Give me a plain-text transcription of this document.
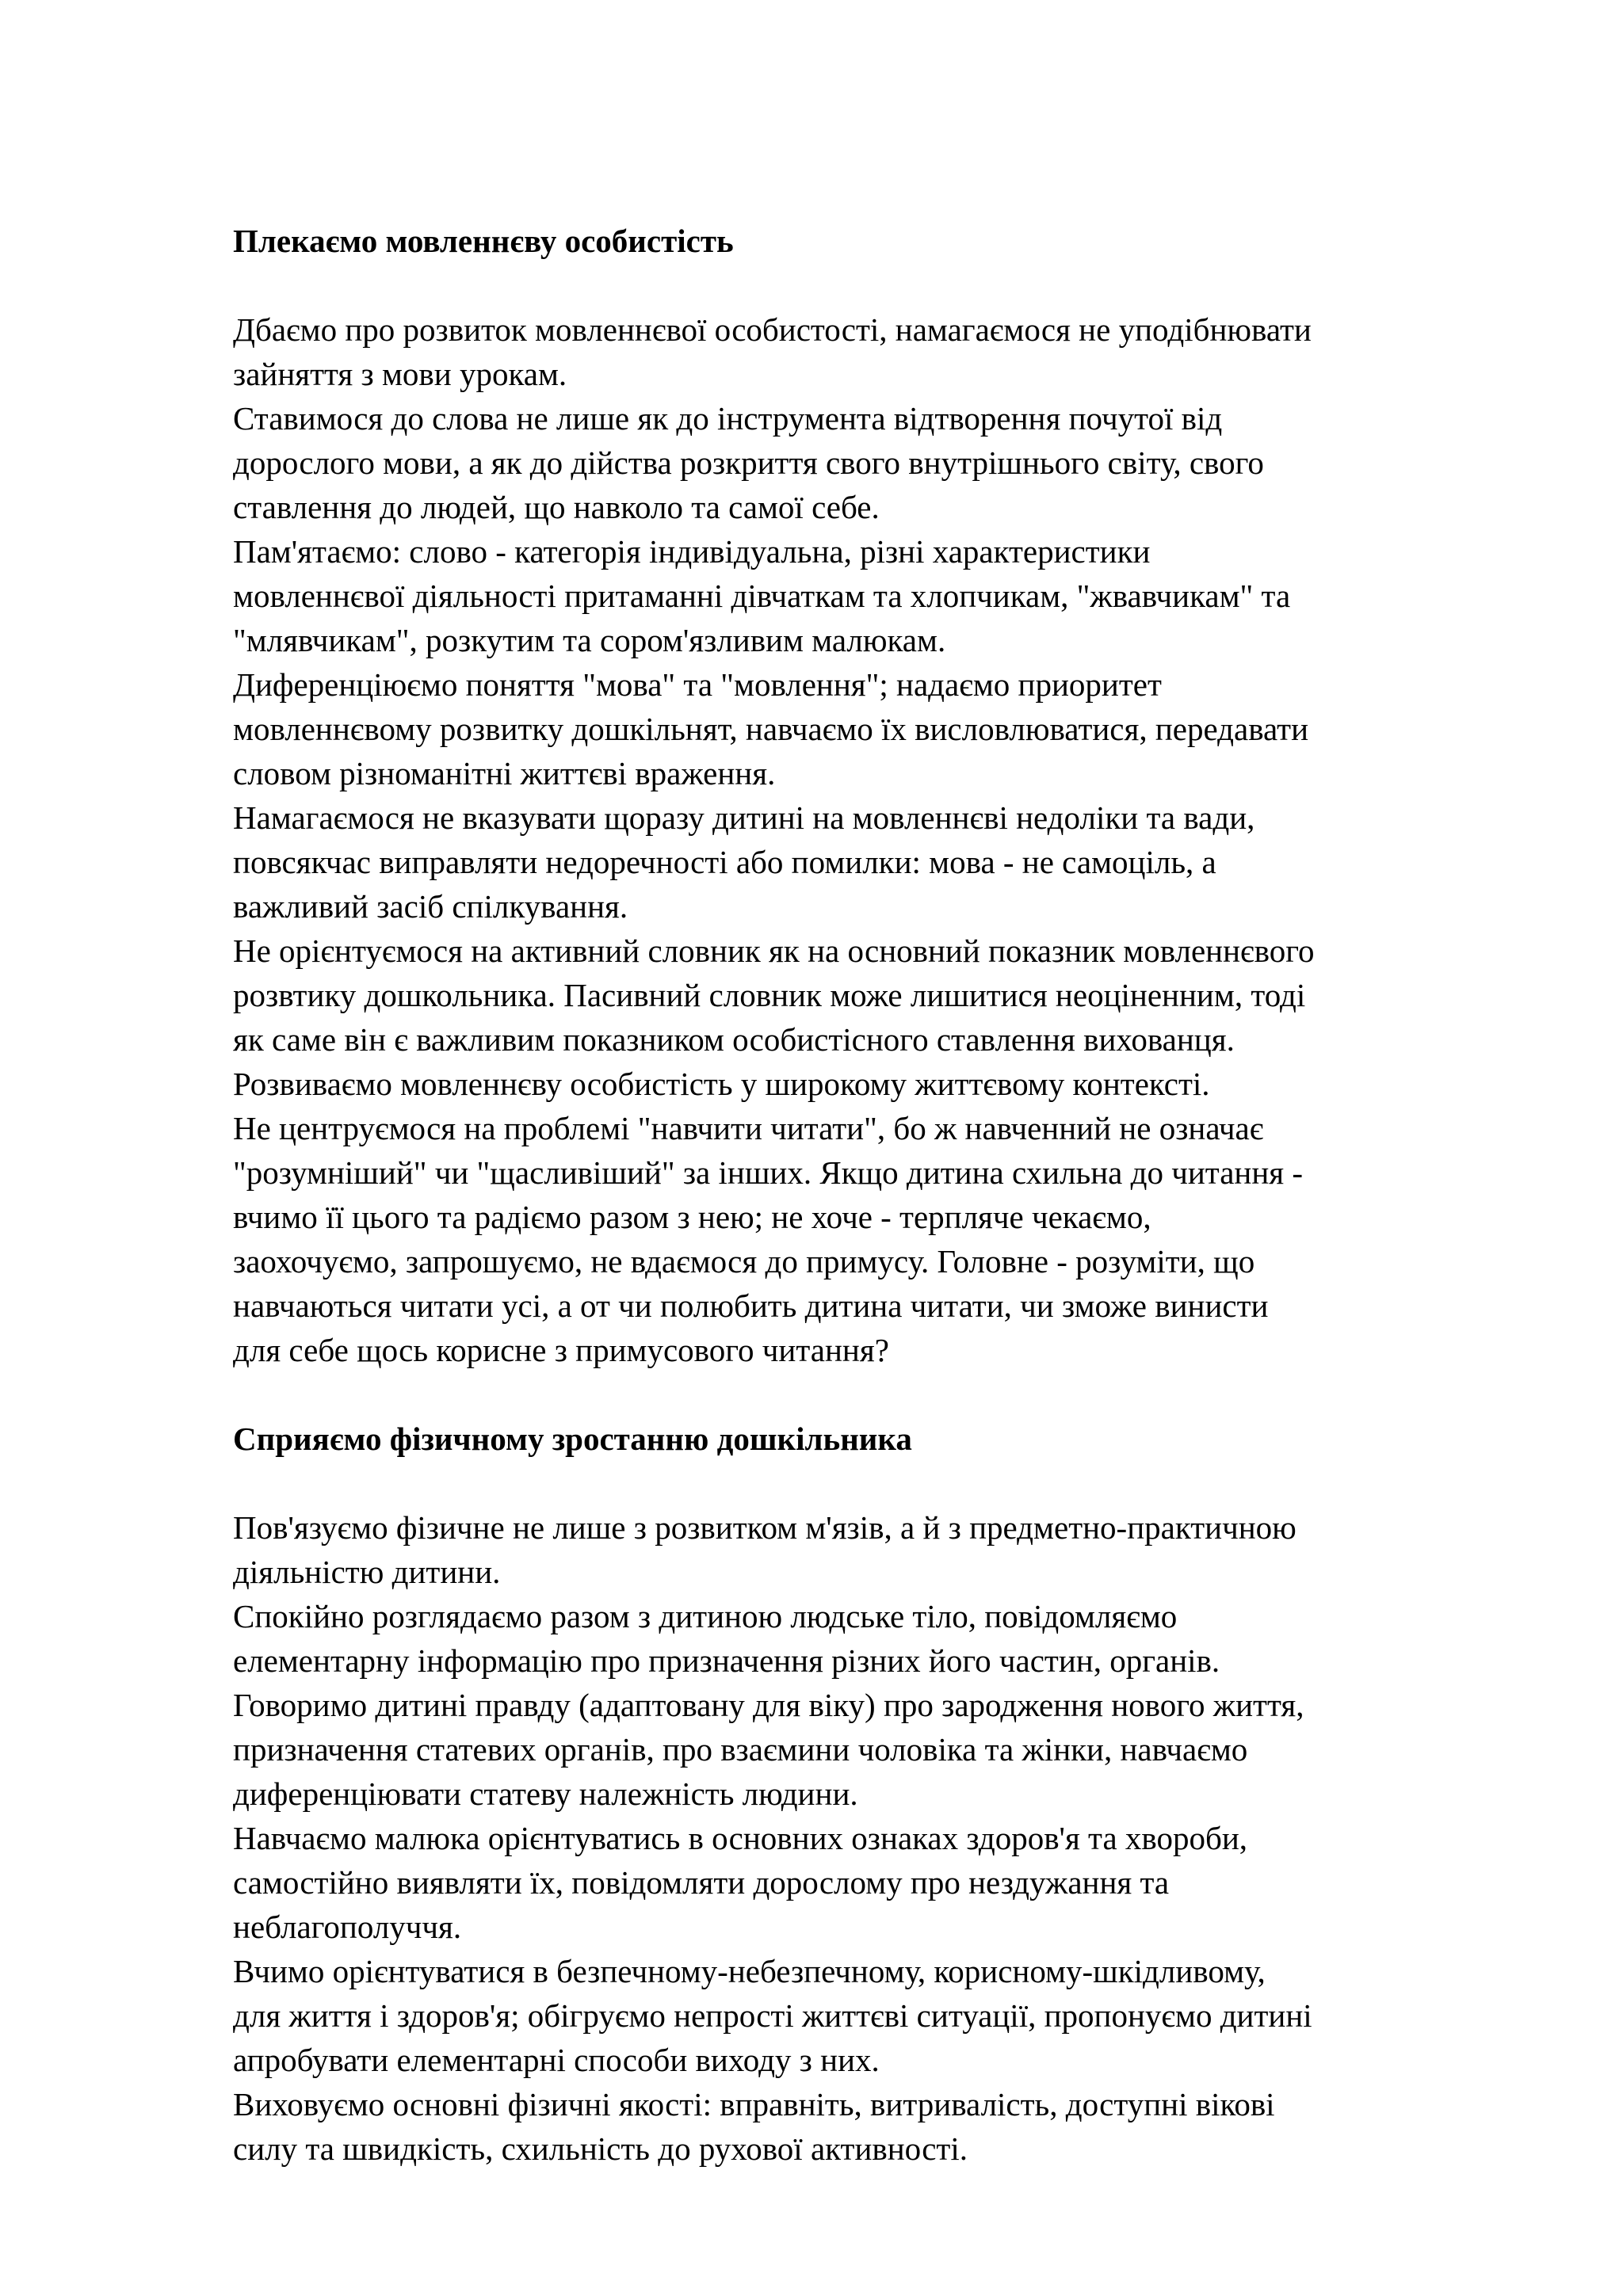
Плекаємо мовленнєву особистість

Дбаємо про розвиток мовленнєвої особистості, намагаємося не уподібнювати
зайняття з мови урокам.

Ставимося до слова не лише як до інструмента відтворення почутої від
дорослого мови, а як до дійства розкриття свого внутрішнього світу, свого
ставлення до людей, що навколо та самої себе.

Пам'ятаємо: слово - категорія індивідуальна, різні характеристики
мовленнєвої діяльності притаманні дівчаткам та хлопчикам, "жвавчикам" та
"млявчикам", розкутим та сором'язливим малюкам.

Диференціюємо поняття "мова" та "мовлення"; надаємо приоритет
мовленнєвому розвитку дошкільнят, навчаємо їх висловлюватися, передавати
словом різноманітні життєві враження.

Намагаємося не вказувати щоразу дитині на мовленнєві недоліки та вади,
повсякчас виправляти недоречності або помилки: мова - не самоціль, а
важливий засіб спілкування.

Не орієнтуємося на активний словник як на основний показник мовленнєвого
розвтику дошкольника. Пасивний словник може лишитися неоціненним, тоді
як саме він є важливим показником особистісного ставлення вихованця.

Розвиваємо мовленнєву особистість у широкому життєвому контексті.

Не центруємося на проблемі "навчити читати", бо ж навченний не означає
"розумніший" чи "щасливіший" за інших. Якщо дитина схильна до читання -
вчимо її цього та радіємо разом з нею; не хоче - терпляче чекаємо,
заохочуємо, запрошуємо, не вдаємося до примусу. Головне - розуміти, що
навчаються читати усі, а от чи полюбить дитина читати, чи зможе винисти
для себе щось корисне з примусового читання?

Сприяємо фізичному зростанню дошкільника

Пов'язуємо фізичне не лише з розвитком м'язів, а й з предметно-практичною
діяльністю дитини.

Спокійно розглядаємо разом з дитиною людське тіло, повідомляємо
елементарну інформацію про призначення різних його частин, органів.

Говоримо дитині правду (адаптовану для віку) про зародження нового життя,
призначення статевих органів, про взаємини чоловіка та жінки, навчаємо
диференціювати статеву належність людини.

Навчаємо малюка орієнтуватись в основних ознаках здоров'я та хвороби,
самостійно виявляти їх, повідомляти дорослому про нездужання та
неблагополуччя.

Вчимо орієнтуватися в безпечному-небезпечному, корисному-шкідливому,
для життя і здоров'я; обігруємо непрості життєві ситуації, пропонуємо дитині
апробувати елементарні способи виходу з них.

Виховуємо основні фізичні якості: вправніть, витривалість, доступні вікові
силу та швидкість, схильність до рухової активності.
